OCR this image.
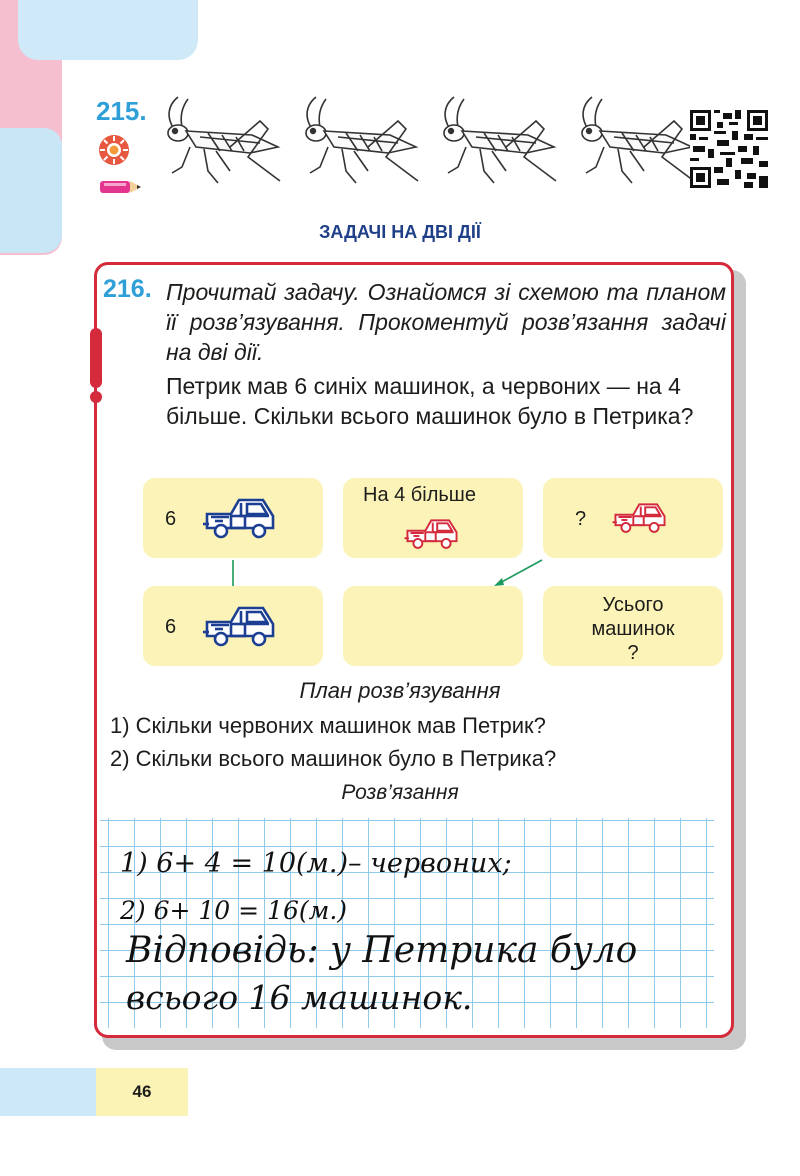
215.
ЗАДАЧІ НА ДВІ ДІЇ
216. Прочитай задачу. Ознайомся зі схемою та планом її розв’язування. Прокоментуй розв’язання задачі на дві дії.
Петрик мав 6 синіх машинок, а червоних — на 4 більше. Скільки всього машинок було в Петрика?
6
На 4 більше
?
6
Усього
машинок
?
План розв’язування
1) Скільки червоних машинок мав Петрик?
2) Скільки всього машинок було в Петрика?
Розв’язання
1) 6+ 4 = 10(м.)– червоних;
2) 6+ 10 = 16(м.)
Відповідь: у Петрика було
всього 16 машинок.
46
